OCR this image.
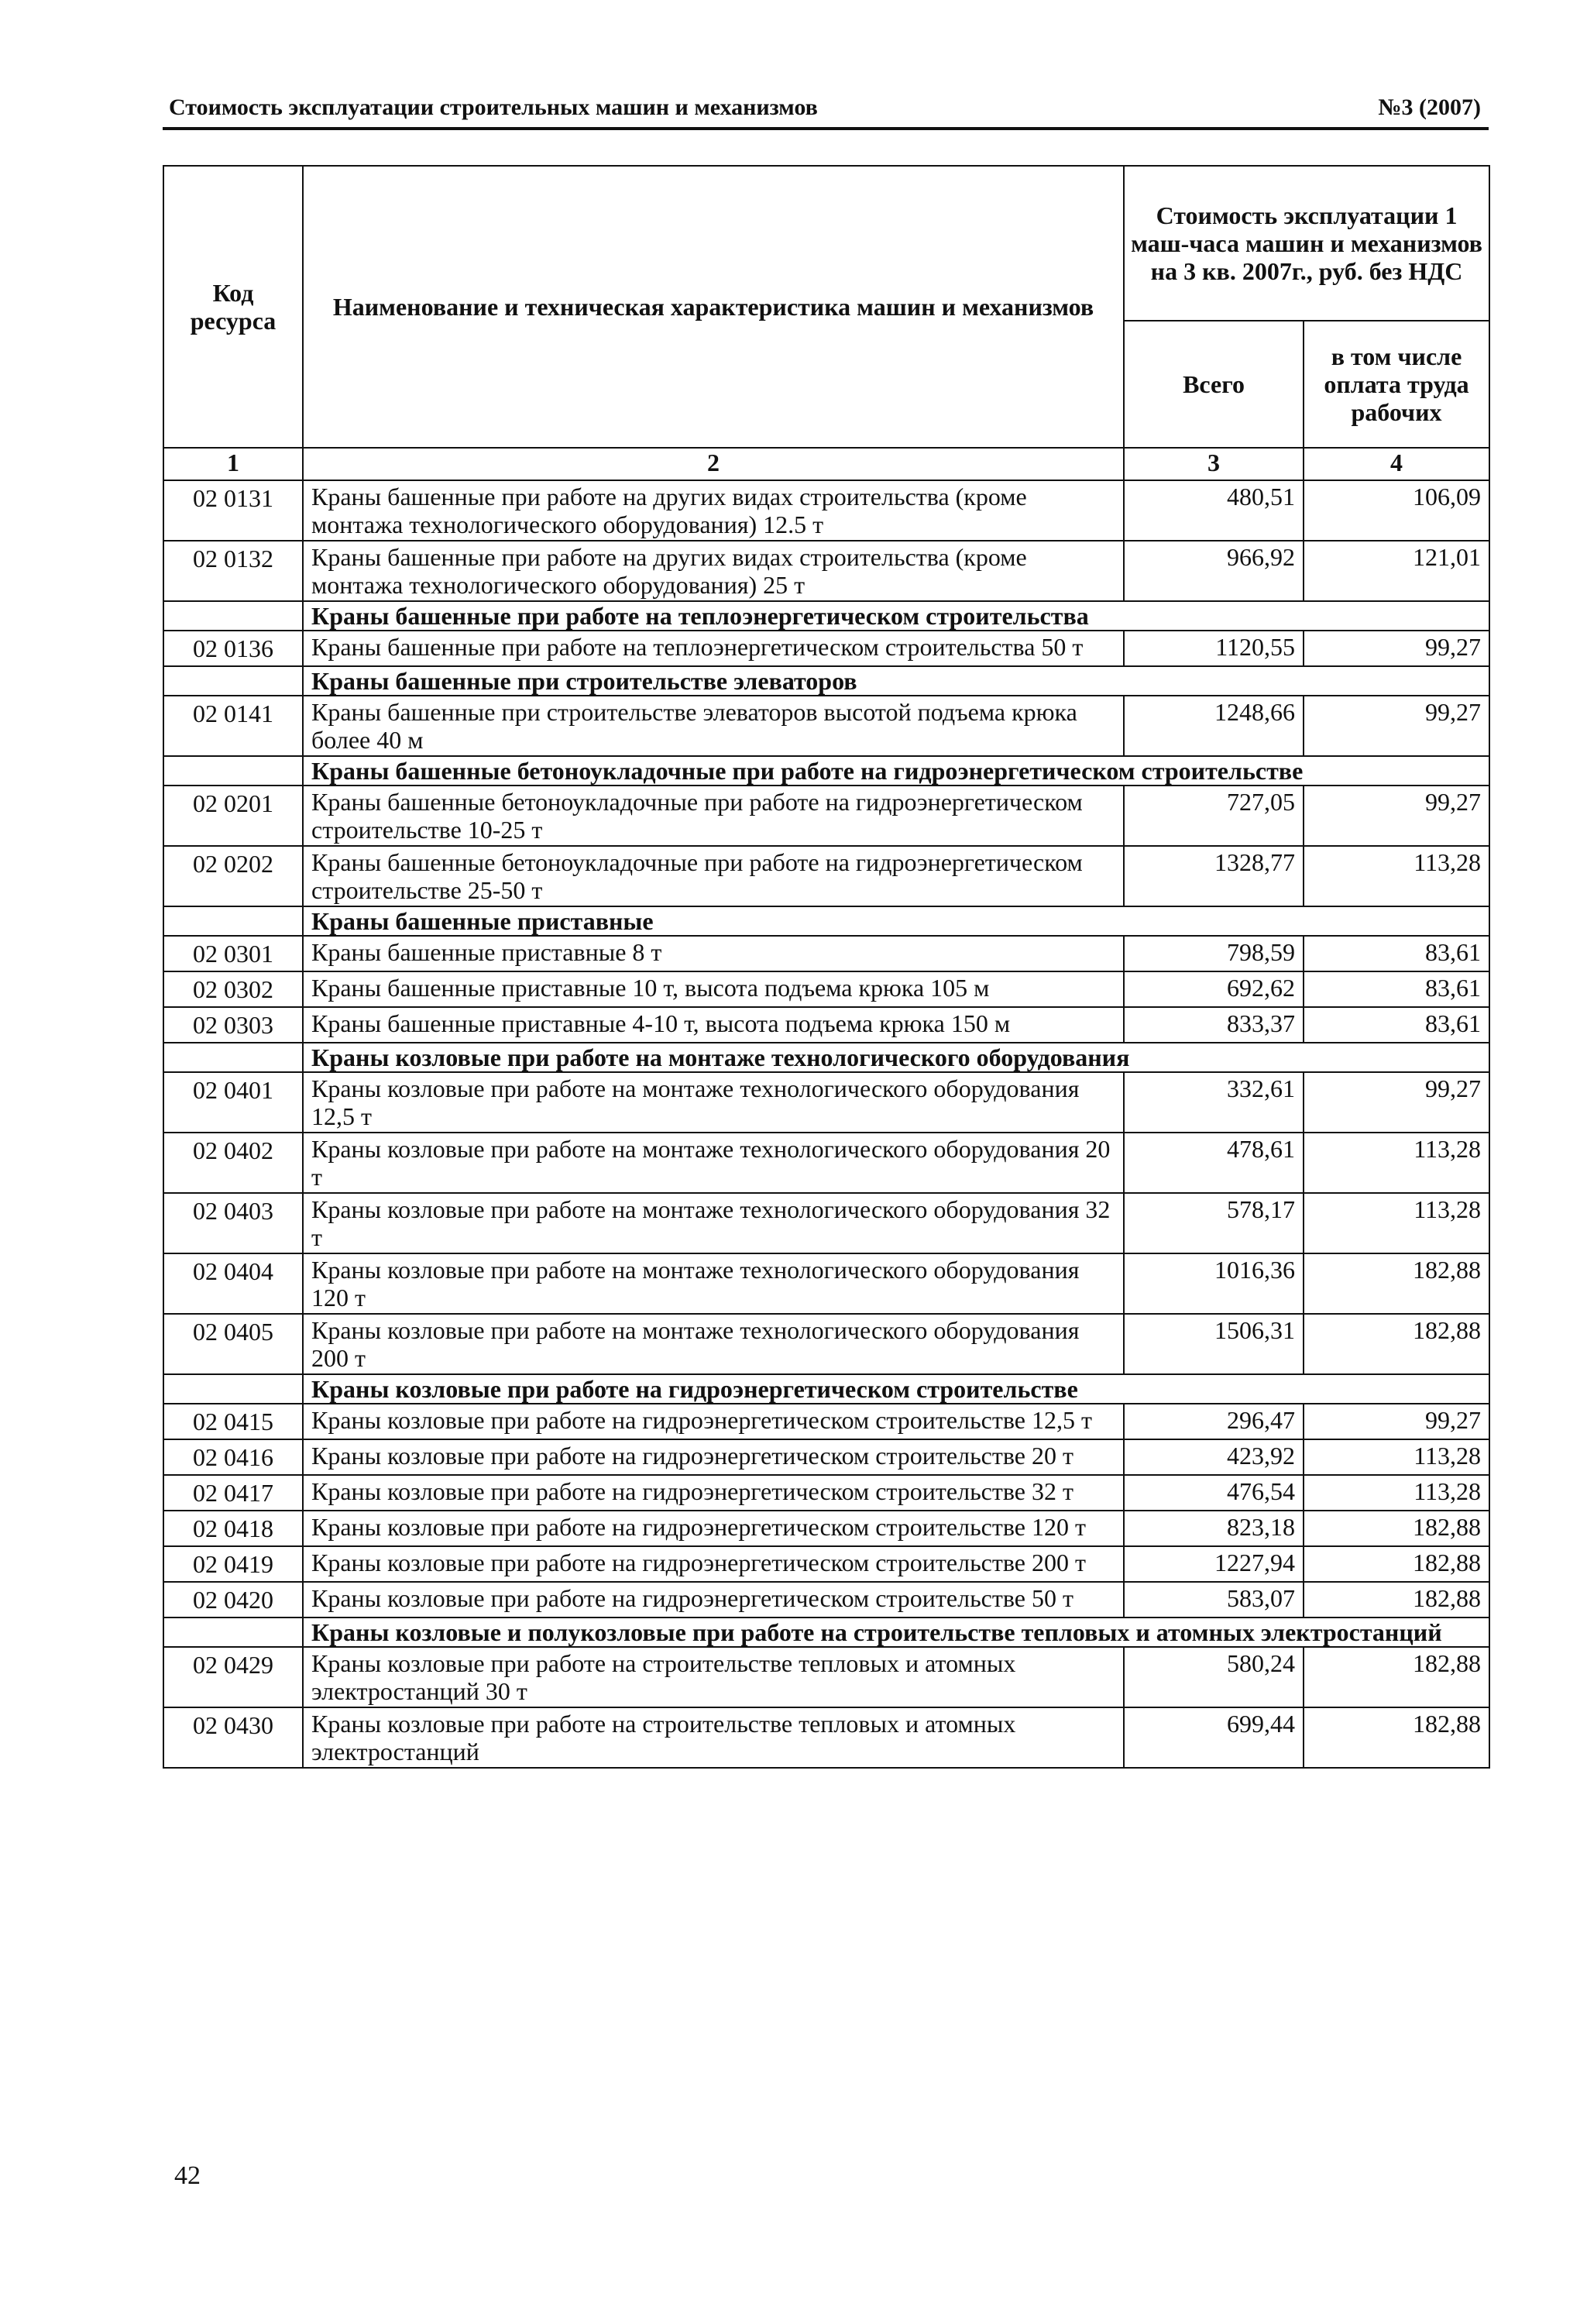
Стоимость эксплуатации строительных машин и механизмов	№3 (2007)
Код ресурса	Наименование и техническая характеристика машин и механизмов	Стоимость эксплуатации 1 маш-часа машин и механизмов на 3 кв. 2007г., руб. без НДС	
		Всего	в том числе оплата труда рабочих
1	2	3	4
02 0131	Краны башенные при работе на других видах строительства (кроме монтажа технологического оборудования) 12.5 т	480,51	106,09
02 0132	Краны башенные при работе на других видах строительства (кроме монтажа технологического оборудования) 25 т	966,92	121,01
	Краны башенные при работе на теплоэнергетическом строительства		
02 0136	Краны башенные при работе на теплоэнергетическом строительства 50 т	1120,55	99,27
	Краны башенные при строительстве элеваторов		
02 0141	Краны башенные при строительстве элеваторов высотой подъема крюка более 40 м	1248,66	99,27
	Краны башенные бетоноукладочные при работе на гидроэнергетическом строительстве		
02 0201	Краны башенные бетоноукладочные при работе на гидроэнергетическом строительстве 10-25 т	727,05	99,27
02 0202	Краны башенные бетоноукладочные при работе на гидроэнергетическом строительстве 25-50 т	1328,77	113,28
	Краны башенные приставные		
02 0301	Краны башенные приставные 8 т	798,59	83,61
02 0302	Краны башенные приставные 10 т, высота подъема крюка 105 м	692,62	83,61
02 0303	Краны башенные приставные 4-10 т, высота подъема крюка 150 м	833,37	83,61
	Краны козловые при работе на монтаже технологического оборудования		
02 0401	Краны козловые при работе на монтаже технологического оборудования 12,5 т	332,61	99,27
02 0402	Краны козловые при работе на монтаже технологического оборудования 20 т	478,61	113,28
02 0403	Краны козловые при работе на монтаже технологического оборудования 32 т	578,17	113,28
02 0404	Краны козловые при работе на монтаже технологического оборудования 120 т	1016,36	182,88
02 0405	Краны козловые при работе на монтаже технологического оборудования 200 т	1506,31	182,88
	Краны козловые при работе на гидроэнергетическом строительстве		
02 0415	Краны козловые при работе на гидроэнергетическом строительстве 12,5 т	296,47	99,27
02 0416	Краны козловые при работе на гидроэнергетическом строительстве 20 т	423,92	113,28
02 0417	Краны козловые при работе на гидроэнергетическом строительстве 32 т	476,54	113,28
02 0418	Краны козловые при работе на гидроэнергетическом строительстве 120 т	823,18	182,88
02 0419	Краны козловые при работе на гидроэнергетическом строительстве 200 т	1227,94	182,88
02 0420	Краны козловые при работе на гидроэнергетическом строительстве 50 т	583,07	182,88
	Краны козловые и полукозловые при работе на строительстве тепловых и атомных электростанций		
02 0429	Краны козловые при работе на строительстве тепловых и атомных электростанций 30 т	580,24	182,88
02 0430	Краны козловые при работе на строительстве тепловых и атомных электростанций	699,44	182,88
42
